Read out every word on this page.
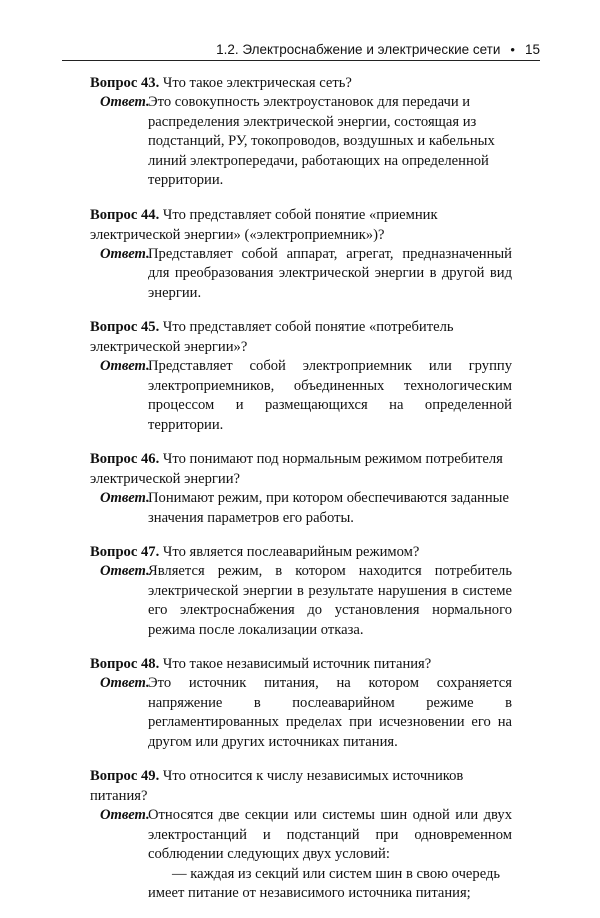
1.2. Электроснабжение и электрические сети • 15
Вопрос 43. Что такое электрическая сеть?
Ответ.
Это совокупность электроустановок для передачи и распределения электрической энергии, состоящая из подстанций, РУ, токопроводов, воздушных и кабельных линий электропередачи, работающих на определенной территории.
Вопрос 44. Что представляет собой понятие «приемник электрической энергии» («электроприемник»)?
Ответ.
Представляет собой аппарат, агрегат, предназначенный для преобразования электрической энергии в другой вид энергии.
Вопрос 45. Что представляет собой понятие «потребитель электрической энергии»?
Ответ.
Представляет собой электроприемник или группу электроприемников, объединенных технологическим процессом и размещающихся на определенной территории.
Вопрос 46. Что понимают под нормальным режимом потребителя электрической энергии?
Ответ.
Понимают режим, при котором обеспечиваются заданные значения параметров его работы.
Вопрос 47. Что является послеаварийным режимом?
Ответ.
Является режим, в котором находится потребитель электрической энергии в результате нарушения в системе его электроснабжения до установления нормального режима после локализации отказа.
Вопрос 48. Что такое независимый источник питания?
Ответ.
Это источник питания, на котором сохраняется напряжение в послеаварийном режиме в регламентированных пределах при исчезновении его на другом или других источниках питания.
Вопрос 49. Что относится к числу независимых источников питания?
Ответ.
Относятся две секции или системы шин одной или двух электростанций и подстанций при одновременном соблюдении следующих двух условий:
— каждая из секций или систем шин в свою очередь имеет питание от независимого источника питания;
